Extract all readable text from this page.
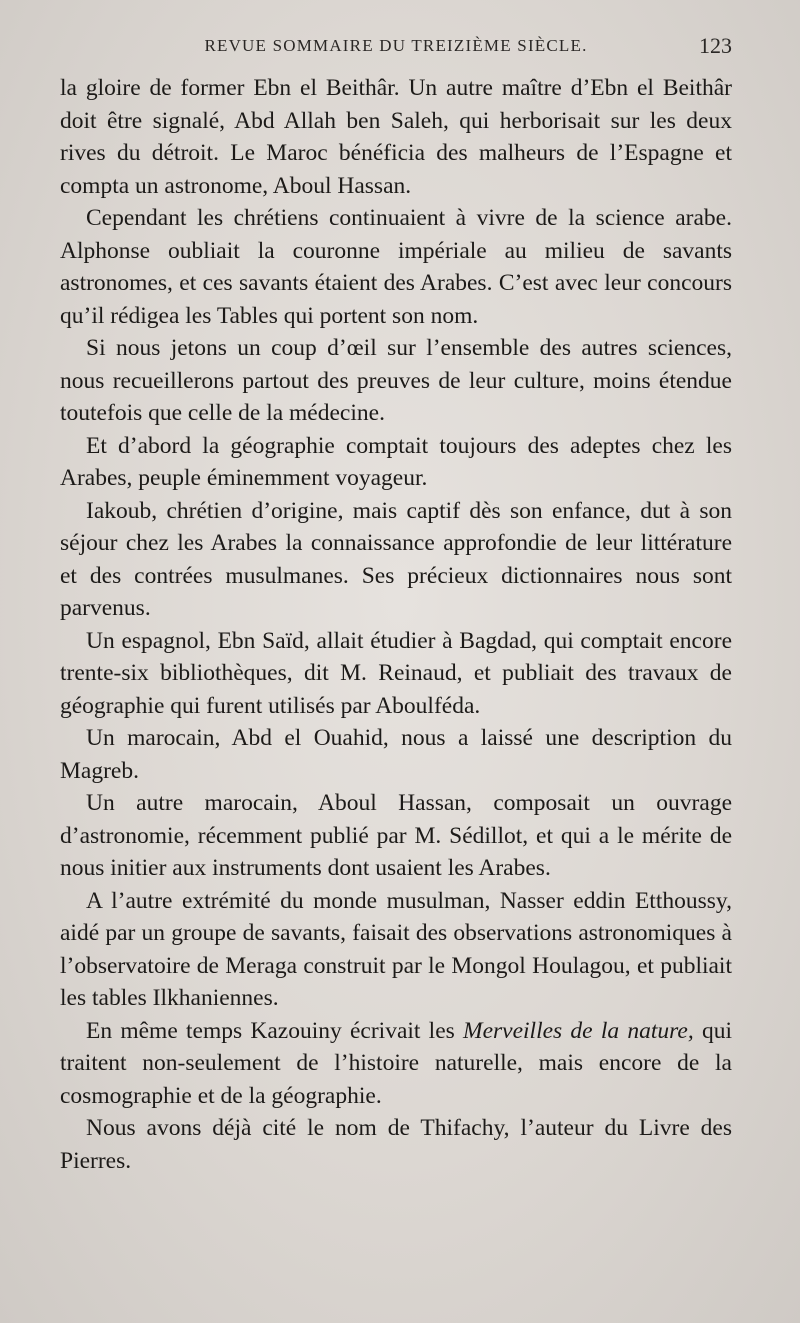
REVUE SOMMAIRE DU TREIZIÈME SIÈCLE.	123

la gloire de former Ebn el Beithâr. Un autre maître d’Ebn el Beithâr doit être signalé, Abd Allah ben Saleh, qui herborisait sur les deux rives du détroit. Le Maroc bénéficia des malheurs de l’Espagne et compta un astronome, Aboul Hassan.

Cependant les chrétiens continuaient à vivre de la science arabe. Alphonse oubliait la couronne impériale au milieu de savants astronomes, et ces savants étaient des Arabes. C’est avec leur concours qu’il rédigea les Tables qui portent son nom.

Si nous jetons un coup d’œil sur l’ensemble des autres sciences, nous recueillerons partout des preuves de leur culture, moins étendue toutefois que celle de la médecine.

Et d’abord la géographie comptait toujours des adeptes chez les Arabes, peuple éminemment voyageur.

Iakoub, chrétien d’origine, mais captif dès son enfance, dut à son séjour chez les Arabes la connaissance approfondie de leur littérature et des contrées musulmanes. Ses précieux dictionnaires nous sont parvenus.

Un espagnol, Ebn Saïd, allait étudier à Bagdad, qui comptait encore trente-six bibliothèques, dit M. Reinaud, et publiait des travaux de géographie qui furent utilisés par Aboulféda.

Un marocain, Abd el Ouahid, nous a laissé une description du Magreb.

Un autre marocain, Aboul Hassan, composait un ouvrage d’astronomie, récemment publié par M. Sédillot, et qui a le mérite de nous initier aux instruments dont usaient les Arabes.

A l’autre extrémité du monde musulman, Nasser eddin Etthoussy, aidé par un groupe de savants, faisait des observations astronomiques à l’observatoire de Meraga construit par le Mongol Houlagou, et publiait les tables Ilkhaniennes.

En même temps Kazouiny écrivait les Merveilles de la nature, qui traitent non-seulement de l’histoire naturelle, mais encore de la cosmographie et de la géographie.

Nous avons déjà cité le nom de Thifachy, l’auteur du Livre des Pierres.
